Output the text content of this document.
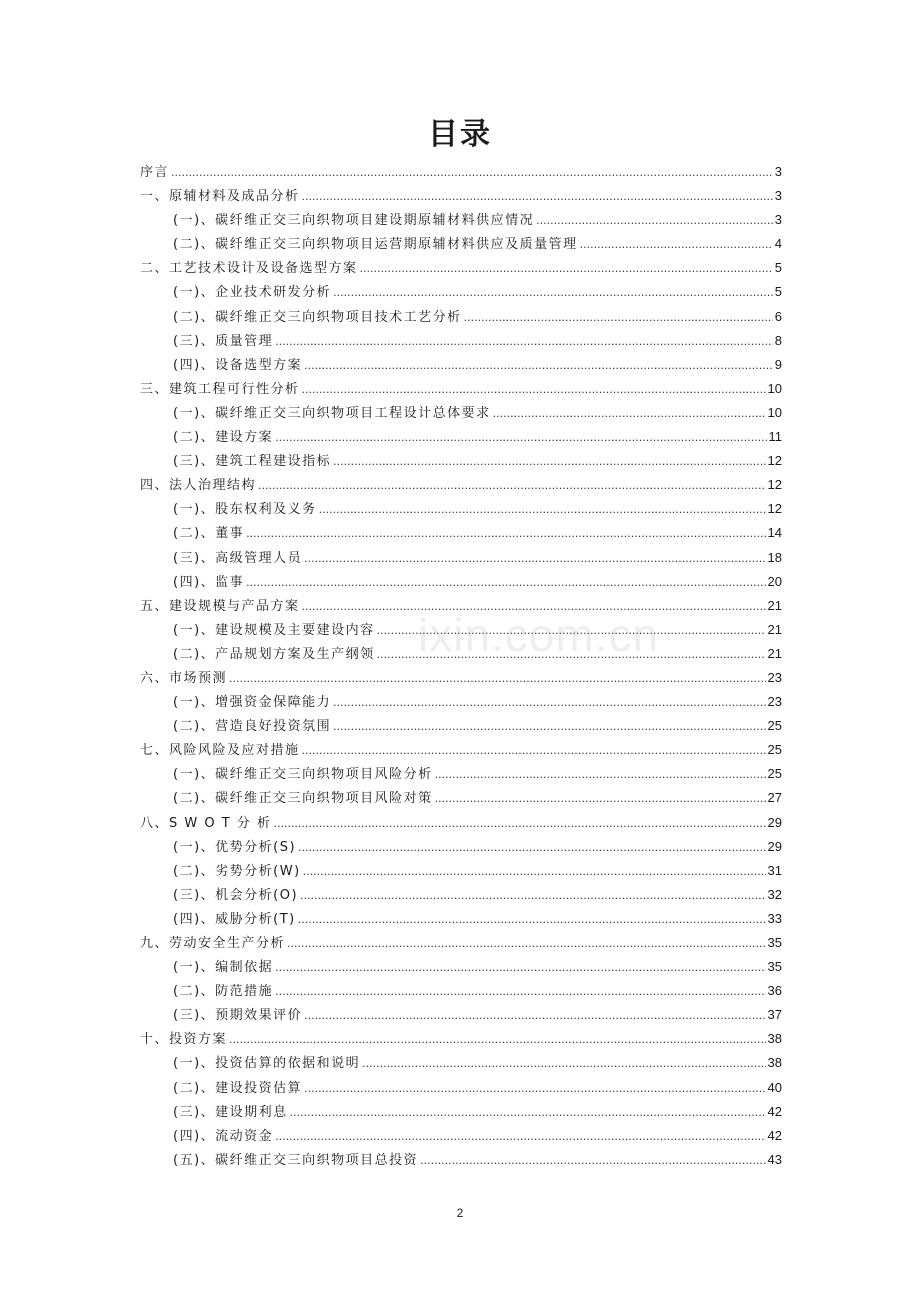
目录
序言 .....	3
一、原辅材料及成品分析 .....	3
(一)、碳纤维正交三向织物项目建设期原辅材料供应情况 .....	3
(二)、碳纤维正交三向织物项目运营期原辅材料供应及质量管理 .....	4
二、工艺技术设计及设备选型方案 .....	5
(一)、企业技术研发分析 .....	5
(二)、碳纤维正交三向织物项目技术工艺分析 .....	6
(三)、质量管理 .....	8
(四)、设备选型方案 .....	9
三、建筑工程可行性分析 .....	10
(一)、碳纤维正交三向织物项目工程设计总体要求 .....	10
(二)、建设方案 .....	11
(三)、建筑工程建设指标 .....	12
四、法人治理结构 .....	12
(一)、股东权利及义务 .....	12
(二)、董事 .....	14
(三)、高级管理人员 .....	18
(四)、监事 .....	20
五、建设规模与产品方案 .....	21
(一)、建设规模及主要建设内容 .....	21
(二)、产品规划方案及生产纲领 .....	21
六、市场预测 .....	23
(一)、增强资金保障能力 .....	23
(二)、营造良好投资氛围 .....	25
七、风险风险及应对措施 .....	25
(一)、碳纤维正交三向织物项目风险分析 .....	25
(二)、碳纤维正交三向织物项目风险对策 .....	27
八、S W O T 分 析 .....	29
(一)、优势分析(S) .....	29
(二)、劣势分析(W) .....	31
(三)、机会分析(O) .....	32
(四)、威胁分析(T) .....	33
九、劳动安全生产分析 .....	35
(一)、编制依据 .....	35
(二)、防范措施 .....	36
(三)、预期效果评价 .....	37
十、投资方案 .....	38
(一)、投资估算的依据和说明 .....	38
(二)、建设投资估算 .....	40
(三)、建设期利息 .....	42
(四)、流动资金 .....	42
(五)、碳纤维正交三向织物项目总投资 .....	43
ixin.com.cn
2
